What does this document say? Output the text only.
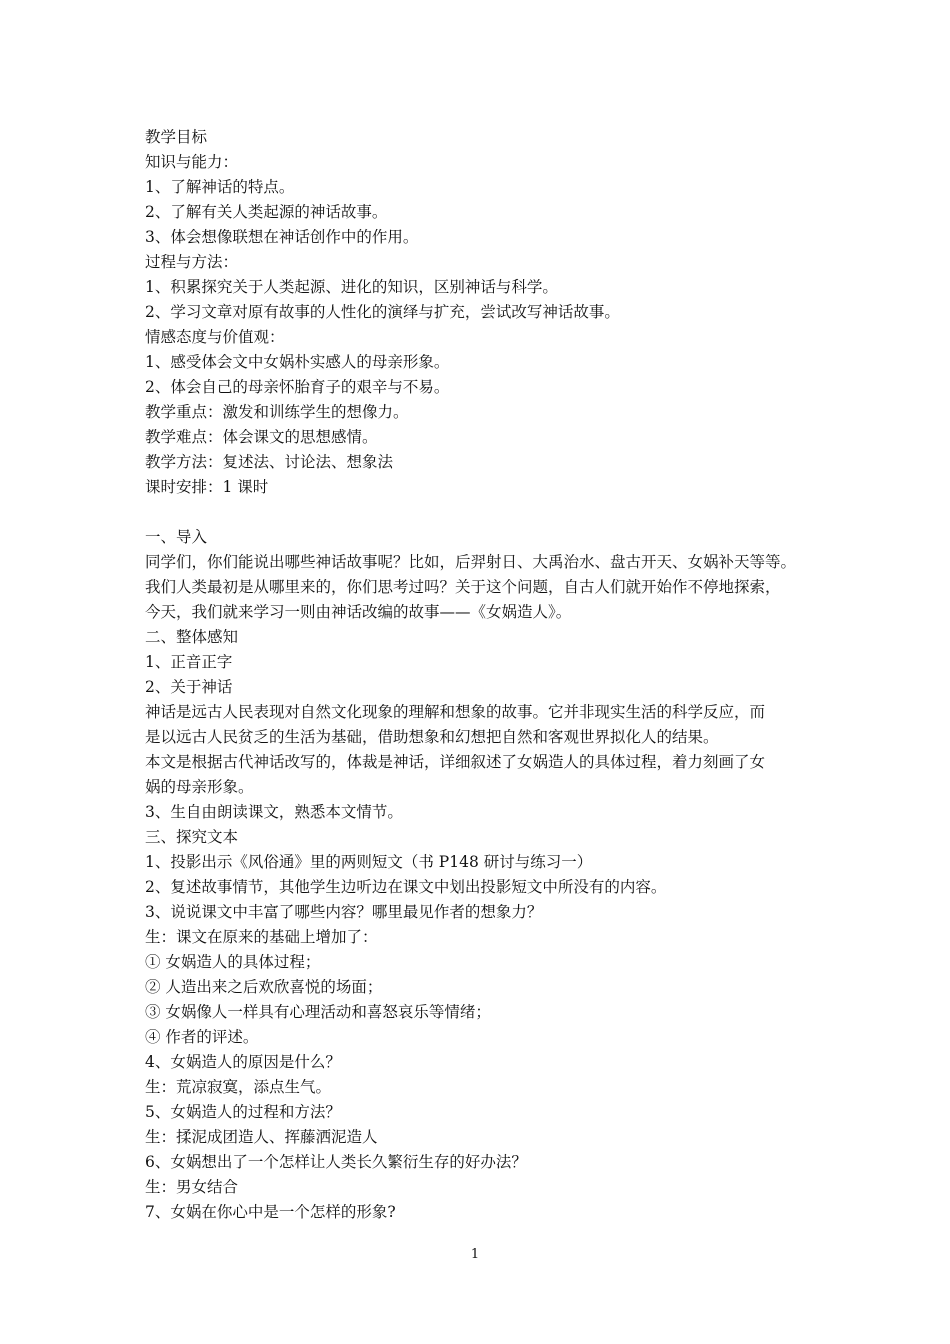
教学目标

知识与能力：

1、了解神话的特点。

2、了解有关人类起源的神话故事。

3、体会想像联想在神话创作中的作用。

过程与方法：

1、积累探究关于人类起源、进化的知识，区别神话与科学。

2、学习文章对原有故事的人性化的演绎与扩充，尝试改写神话故事。

情感态度与价值观：

1、感受体会文中女娲朴实感人的母亲形象。

2、体会自己的母亲怀胎育子的艰辛与不易。

教学重点：激发和训练学生的想像力。

教学难点：体会课文的思想感情。

教学方法：复述法、讨论法、想象法

课时安排：1 课时

一、导入

同学们，你们能说出哪些神话故事呢？比如，后羿射日、大禹治水、盘古开天、女娲补天等等。

我们人类最初是从哪里来的，你们思考过吗？关于这个问题，自古人们就开始作不停地探索，

今天，我们就来学习一则由神话改编的故事——《女娲造人》。

二、整体感知

1、正音正字

2、关于神话

神话是远古人民表现对自然文化现象的理解和想象的故事。它并非现实生活的科学反应，而

是以远古人民贫乏的生活为基础，借助想象和幻想把自然和客观世界拟化人的结果。

本文是根据古代神话改写的，体裁是神话，详细叙述了女娲造人的具体过程，着力刻画了女

娲的母亲形象。

3、生自由朗读课文，熟悉本文情节。

三、探究文本

1、投影出示《风俗通》里的两则短文（书 P148 研讨与练习一）

2、复述故事情节，其他学生边听边在课文中划出投影短文中所没有的内容。

3、说说课文中丰富了哪些内容？哪里最见作者的想象力？

生：课文在原来的基础上增加了：

① 女娲造人的具体过程；

② 人造出来之后欢欣喜悦的场面；

③ 女娲像人一样具有心理活动和喜怒哀乐等情绪；

④ 作者的评述。

4、女娲造人的原因是什么？

生：荒凉寂寞，添点生气。

5、女娲造人的过程和方法？

生：揉泥成团造人、挥藤洒泥造人

6、女娲想出了一个怎样让人类长久繁衍生存的好办法？

生：男女结合

7、女娲在你心中是一个怎样的形象?

1
